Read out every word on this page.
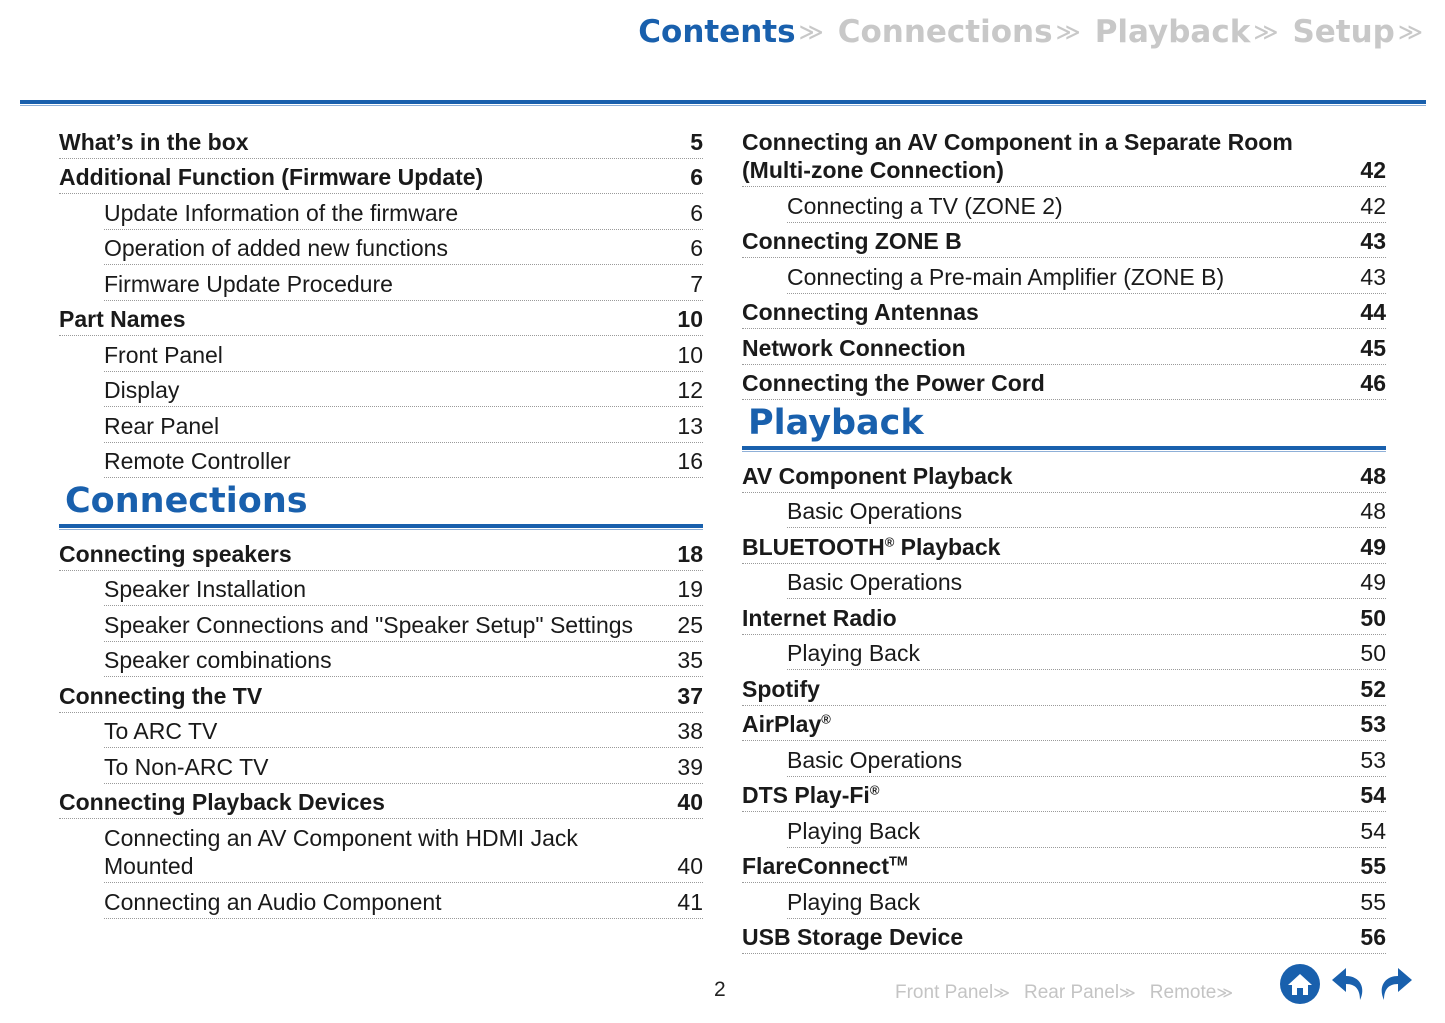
Contents ≫ Connections ≫ Playback ≫ Setup ≫
What’s in the box	5
Additional Function (Firmware Update)	6
Update Information of the firmware	6
Operation of added new functions	6
Firmware Update Procedure	7
Part Names	10
Front Panel	10
Display	12
Rear Panel	13
Remote Controller	16
Connections
Connecting speakers	18
Speaker Installation	19
Speaker Connections and "Speaker Setup" Settings	25
Speaker combinations	35
Connecting the TV	37
To ARC TV	38
To Non-ARC TV	39
Connecting Playback Devices	40
Connecting an AV Component with HDMI Jack
Mounted	40
Connecting an Audio Component	41
Connecting an AV Component in a Separate Room
(Multi-zone Connection)	42
Connecting a TV (ZONE 2)	42
Connecting ZONE B	43
Connecting a Pre-main Amplifier (ZONE B)	43
Connecting Antennas	44
Network Connection	45
Connecting the Power Cord	46
Playback
AV Component Playback	48
Basic Operations	48
BLUETOOTH® Playback	49
Basic Operations	49
Internet Radio	50
Playing Back	50
Spotify	52
AirPlay®	53
Basic Operations	53
DTS Play-Fi®	54
Playing Back	54
FlareConnect™	55
Playing Back	55
USB Storage Device	56
2	Front Panel≫ Rear Panel≫ Remote≫
